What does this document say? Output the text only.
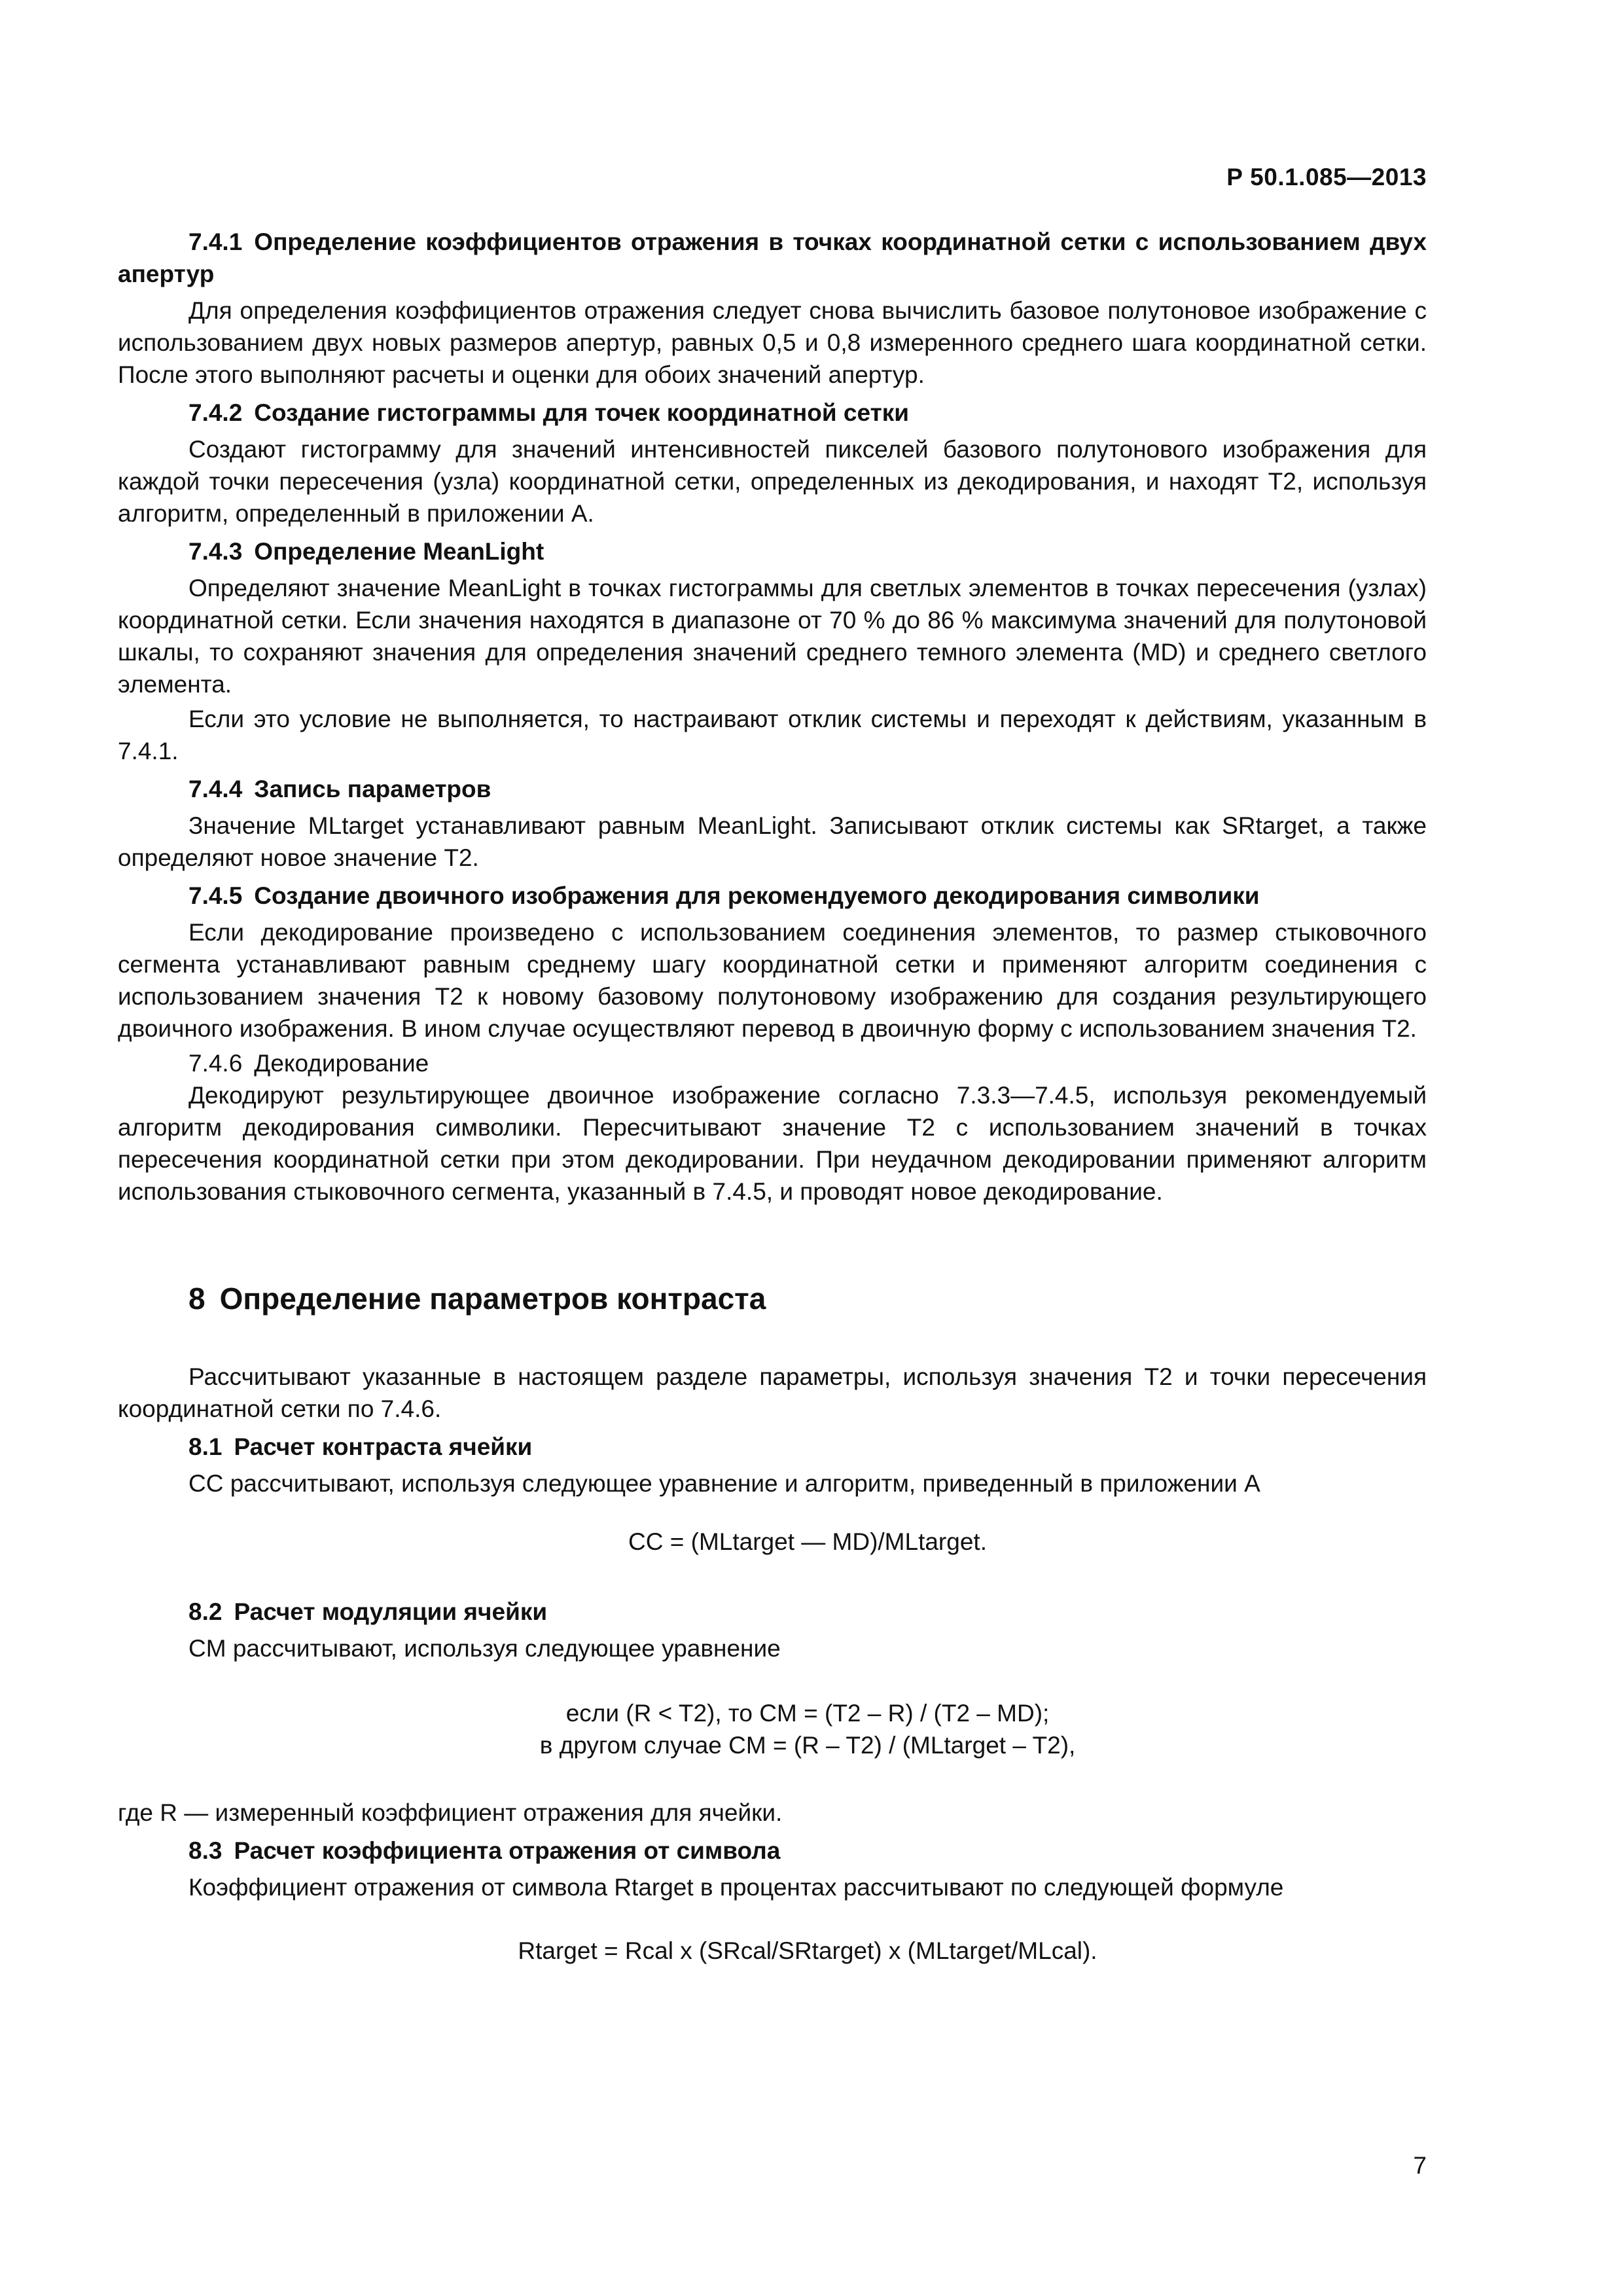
Р 50.1.085—2013

7.4.1 Определение коэффициентов отражения в точках координатной сетки с использованием двух апертур

Для определения коэффициентов отражения следует снова вычислить базовое полутоновое изображение с использованием двух новых размеров апертур, равных 0,5 и 0,8 измеренного среднего шага координатной сетки. После этого выполняют расчеты и оценки для обоих значений апертур.

7.4.2 Создание гистограммы для точек координатной сетки

Создают гистограмму для значений интенсивностей пикселей базового полутонового изображения для каждой точки пересечения (узла) координатной сетки, определенных из декодирования, и находят T2, используя алгоритм, определенный в приложении А.

7.4.3 Определение MeanLight

Определяют значение MeanLight в точках гистограммы для светлых элементов в точках пересечения (узлах) координатной сетки. Если значения находятся в диапазоне от 70 % до 86 % максимума значений для полутоновой шкалы, то сохраняют значения для определения значений среднего темного элемента (MD) и среднего светлого элемента.

Если это условие не выполняется, то настраивают отклик системы и переходят к действиям, указанным в 7.4.1.

7.4.4 Запись параметров

Значение MLtarget устанавливают равным MeanLight. Записывают отклик системы как SRtarget, а также определяют новое значение T2.

7.4.5 Создание двоичного изображения для рекомендуемого декодирования символики

Если декодирование произведено с использованием соединения элементов, то размер стыковочного сегмента устанавливают равным среднему шагу координатной сетки и применяют алгоритм соединения с использованием значения T2 к новому базовому полутоновому изображению для создания результирующего двоичного изображения. В ином случае осуществляют перевод в двоичную форму с использованием значения T2.

7.4.6 Декодирование

Декодируют результирующее двоичное изображение согласно 7.3.3—7.4.5, используя рекомендуемый алгоритм декодирования символики. Пересчитывают значение T2 с использованием значений в точках пересечения координатной сетки при этом декодировании. При неудачном декодировании применяют алгоритм использования стыковочного сегмента, указанный в 7.4.5, и проводят новое декодирование.

8 Определение параметров контраста

Рассчитывают указанные в настоящем разделе параметры, используя значения T2 и точки пересечения координатной сетки по 7.4.6.

8.1 Расчет контраста ячейки

CC рассчитывают, используя следующее уравнение и алгоритм, приведенный в приложении А

CC = (MLtarget — MD)/MLtarget.

8.2 Расчет модуляции ячейки

CM рассчитывают, используя следующее уравнение

если (R < T2), то CM = (T2 – R) / (T2 – MD);

в другом случае CM = (R – T2) / (MLtarget – T2),

где R — измеренный коэффициент отражения для ячейки.

8.3 Расчет коэффициента отражения от символа

Коэффициент отражения от символа Rtarget в процентах рассчитывают по следующей формуле

Rtarget = Rcal x (SRcal/SRtarget) x (MLtarget/MLcal).

7
